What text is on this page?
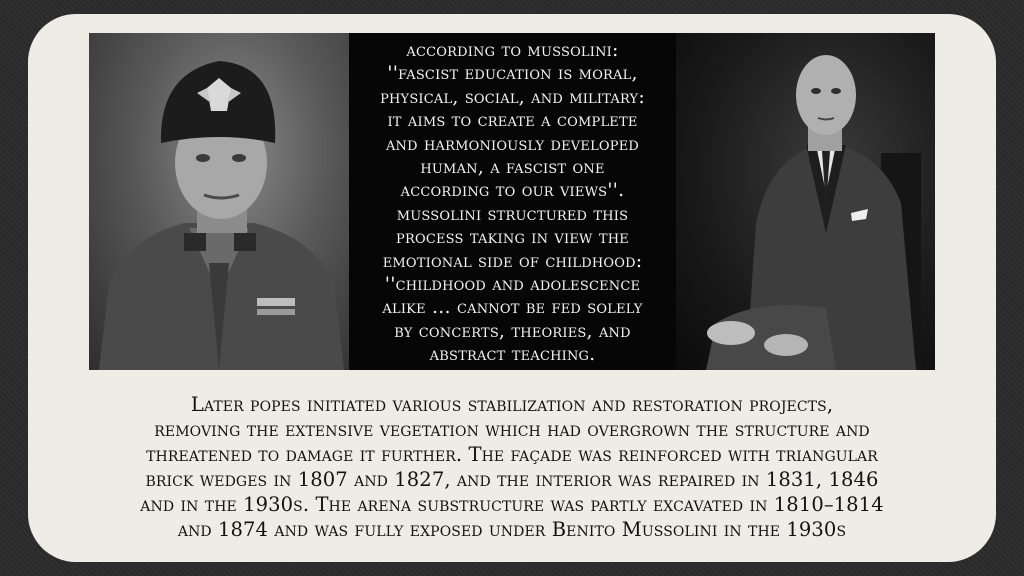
according to mussolini:
''fascist education is moral,
physical, social, and military:
it aims to create a complete
and harmoniously developed
human, a fascist one
according to our views''.
mussolini structured this
process taking in view the
emotional side of childhood:
''childhood and adolescence
alike ... cannot be fed solely
by concerts, theories, and
abstract teaching.
Later popes initiated various stabilization and restoration projects,
removing the extensive vegetation which had overgrown the structure and
threatened to damage it further. The façade was reinforced with triangular
brick wedges in 1807 and 1827, and the interior was repaired in 1831, 1846
and in the 1930s. The arena substructure was partly excavated in 1810–1814
and 1874 and was fully exposed under Benito Mussolini in the 1930s
